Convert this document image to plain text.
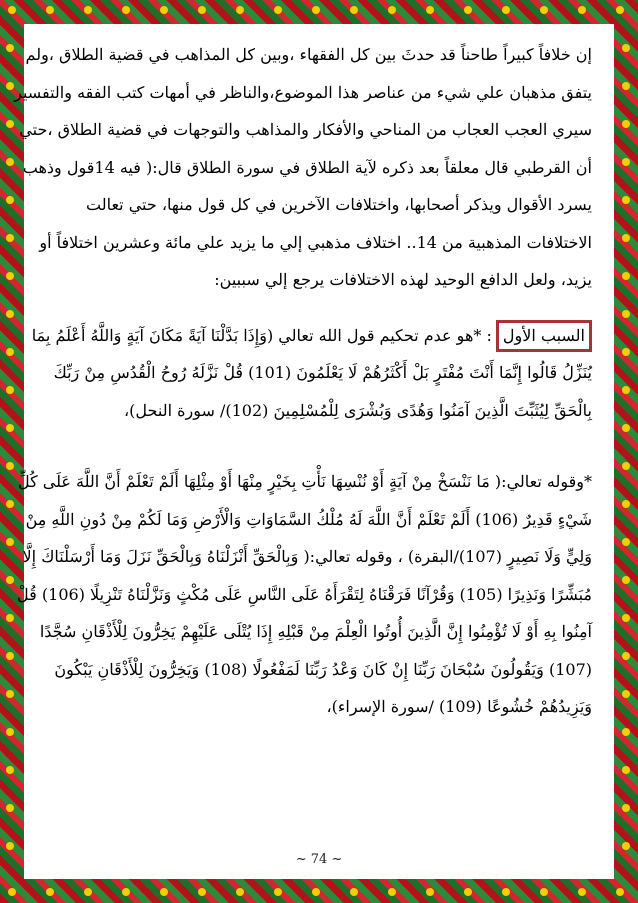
إن خلافاً كبيراً طاحناً قد حدثَ بين كل الفقهاء ،وبين كل المذاهب في قضية الطلاق ،ولم
يتفق مذهبان علي شيء من عناصر هذا الموضوع،والناظر في أمهات كتب الفقه والتفسير
سيري العجب العجاب من المناحي والأفكار والمذاهب والتوجهات في قضية الطلاق ،حتي
أن القرطبي قال معلقاً بعد ذكره لآية الطلاق في سورة الطلاق قال:( فيه 14قول وذهب
يسرد الأقوال ويذكر أصحابها، واختلافات الآخرين في كل قول منها، حتي تعالت
الاختلافات المذهبية من 14.. اختلاف مذهبي إلي ما يزيد علي مائة وعشرين اختلافاً أو
يزيد، ولعل الدافع الوحيد لهذه الاختلافات يرجع إلي سببين:
السبب الأول: *هو عدم تحكيم قول الله تعالي (وَإِذَا بَدَّلْنَا آيَةً مَكَانَ آيَةٍ وَاللَّهُ أَعْلَمُ بِمَا
يُنَزِّلُ قَالُوا إِنَّمَا أَنْتَ مُفْتَرٍ بَلْ أَكْثَرُهُمْ لَا يَعْلَمُونَ (101) قُلْ نَزَّلَهُ رُوحُ الْقُدُسِ مِنْ رَبِّكَ
بِالْحَقِّ لِيُثَبِّتَ الَّذِينَ آمَنُوا وَهُدًى وَبُشْرَى لِلْمُسْلِمِينَ (102)/ سورة النحل)،
*وقوله تعالي:( مَا نَنْسَخْ مِنْ آيَةٍ أَوْ نُنْسِهَا نَأْتِ بِخَيْرٍ مِنْهَا أَوْ مِثْلِهَا أَلَمْ تَعْلَمْ أَنَّ اللَّهَ عَلَى كُلِّ
شَيْءٍ قَدِيرٌ (106) أَلَمْ تَعْلَمْ أَنَّ اللَّهَ لَهُ مُلْكُ السَّمَاوَاتِ وَالْأَرْضِ وَمَا لَكُمْ مِنْ دُونِ اللَّهِ مِنْ
وَلِيٍّ وَلَا نَصِيرٍ (107)/البقرة) ، وقوله تعالي:( وَبِالْحَقِّ أَنْزَلْنَاهُ وَبِالْحَقِّ نَزَلَ وَمَا أَرْسَلْنَاكَ إِلَّا
مُبَشِّرًا وَنَذِيرًا (105) وَقُرْآنًا فَرَقْنَاهُ لِتَقْرَأَهُ عَلَى النَّاسِ عَلَى مُكْثٍ وَنَزَّلْنَاهُ تَنْزِيلًا (106) قُلْ
آمِنُوا بِهِ أَوْ لَا تُؤْمِنُوا إِنَّ الَّذِينَ أُوتُوا الْعِلْمَ مِنْ قَبْلِهِ إِذَا يُتْلَى عَلَيْهِمْ يَخِرُّونَ لِلْأَذْقَانِ سُجَّدًا
(107) وَيَقُولُونَ سُبْحَانَ رَبِّنَا إِنْ كَانَ وَعْدُ رَبِّنَا لَمَفْعُولًا (108) وَيَخِرُّونَ لِلْأَذْقَانِ يَبْكُونَ
وَيَزِيدُهُمْ خُشُوعًا (109) /سورة الإسراء)،
~ 74 ~
